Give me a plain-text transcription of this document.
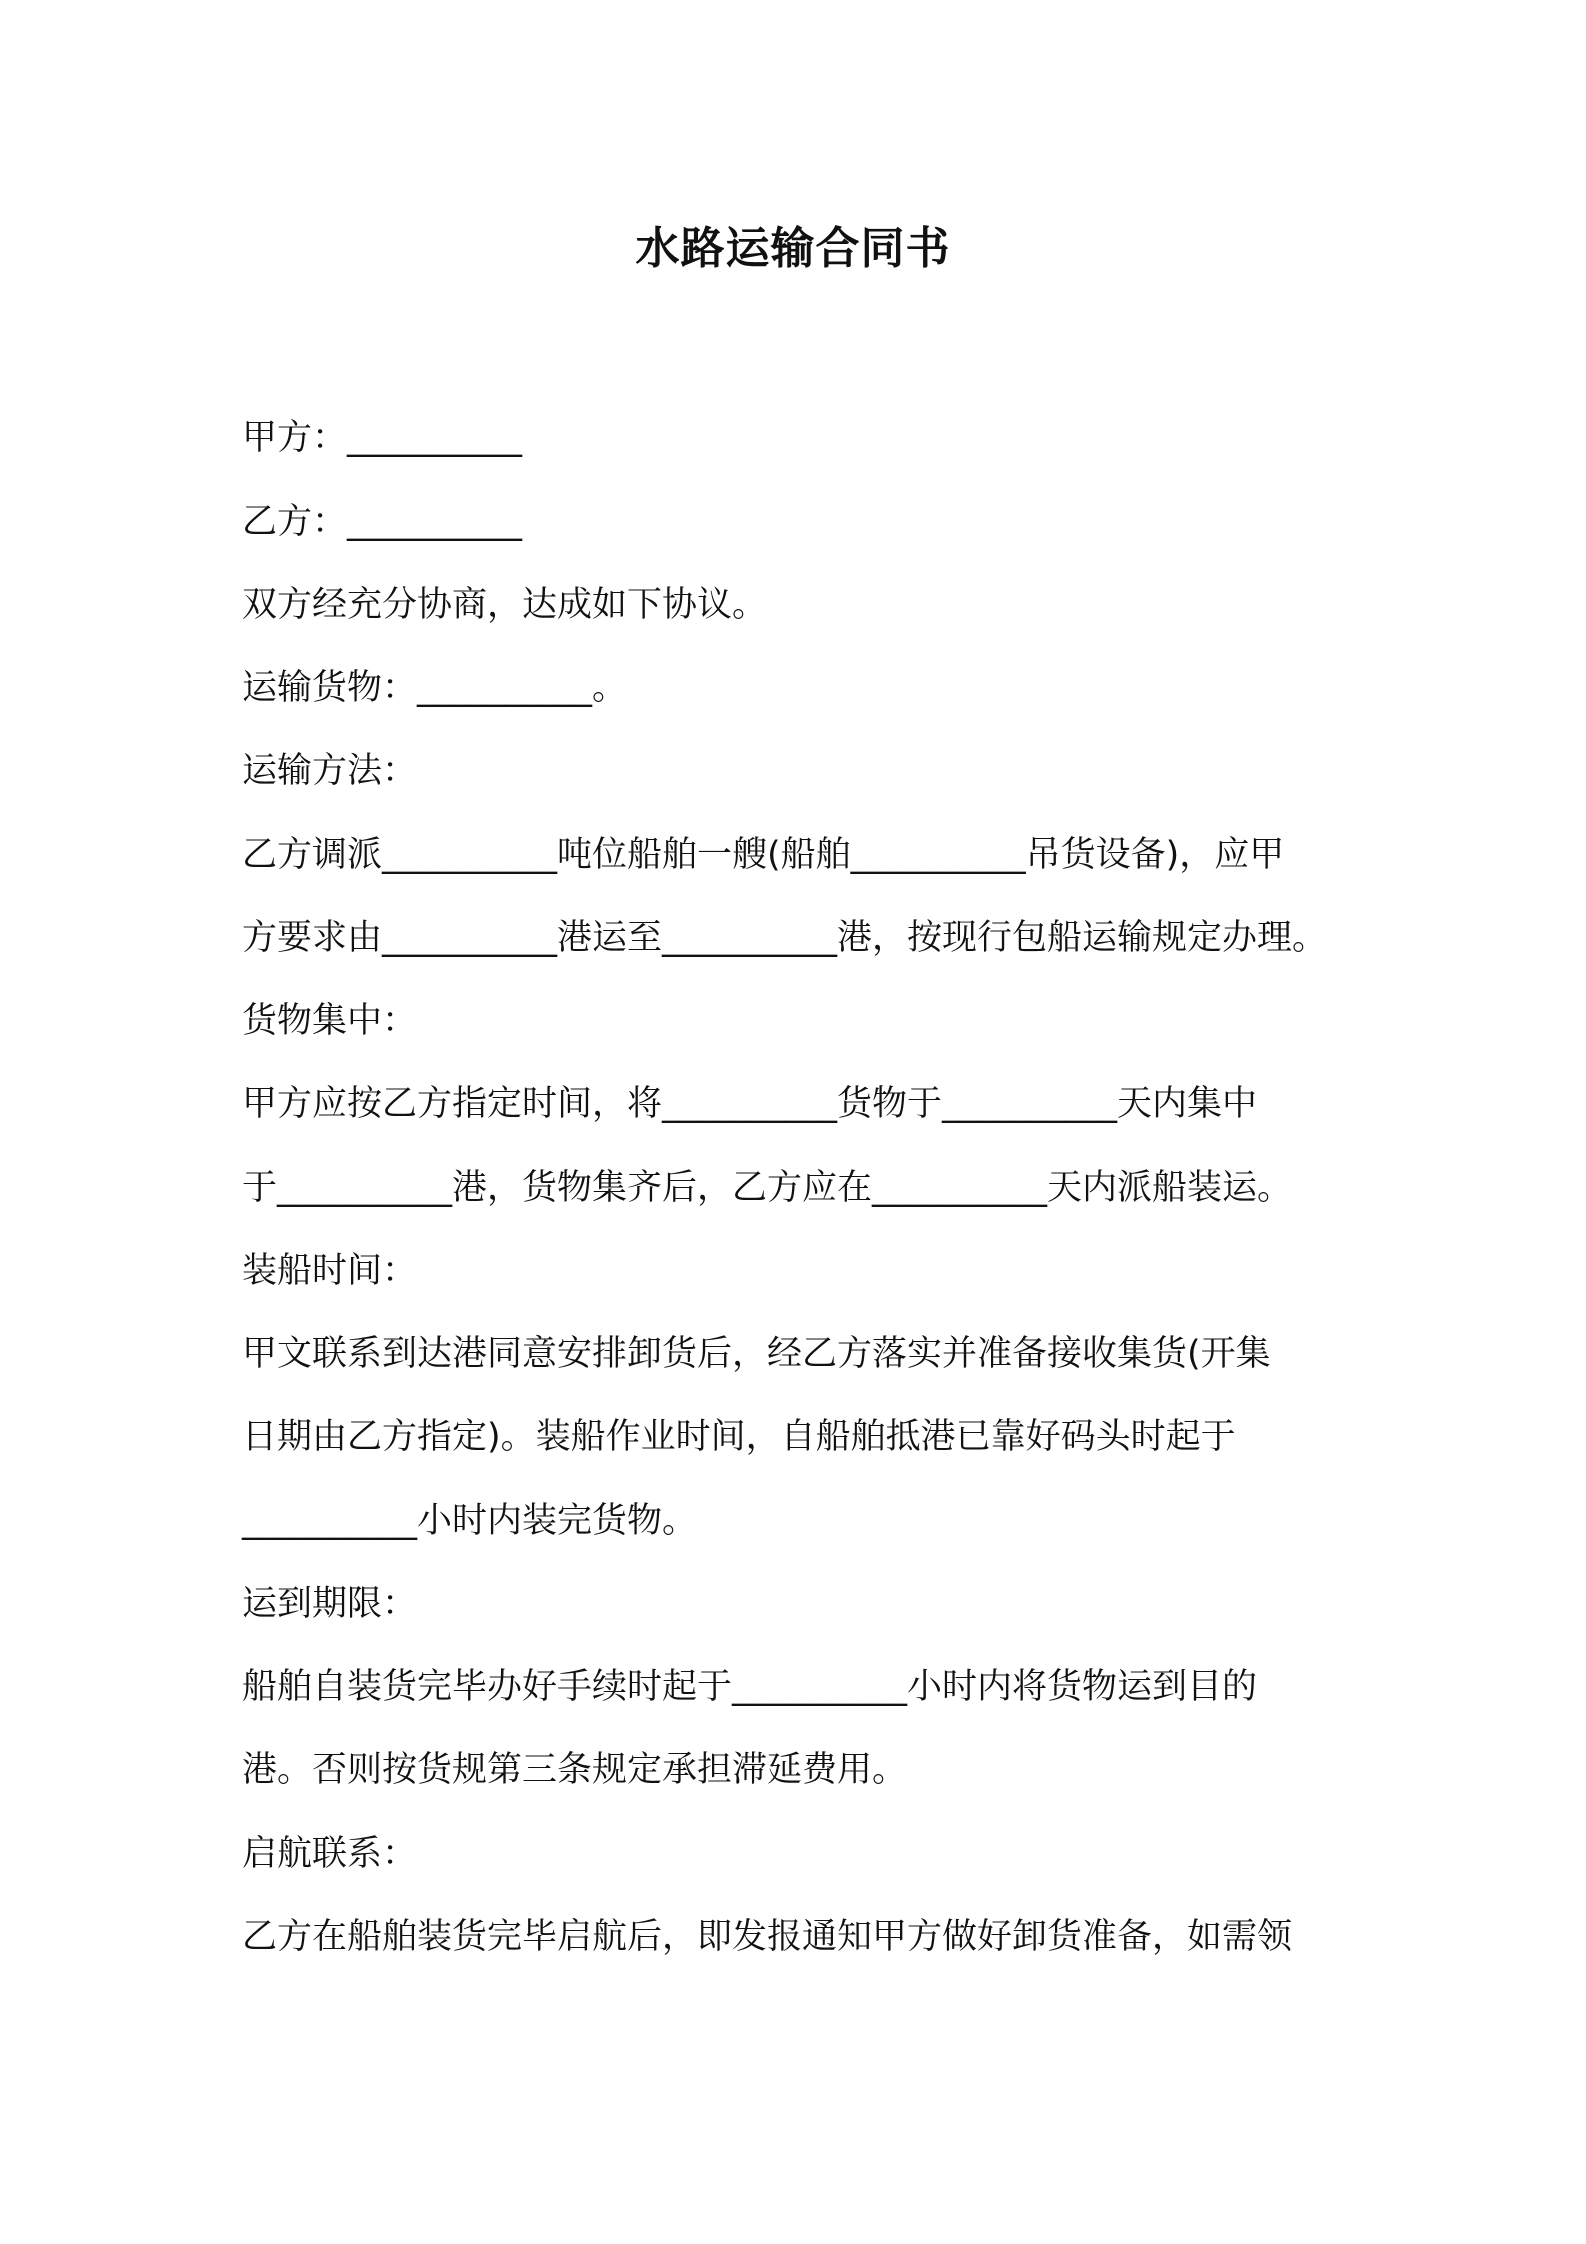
水路运输合同书
甲方：__________
乙方：__________
双方经充分协商，达成如下协议。
运输货物：__________。
运输方法：
乙方调派__________吨位船舶一艘(船舶__________吊货设备)，应甲
方要求由__________港运至__________港，按现行包船运输规定办理。
货物集中：
甲方应按乙方指定时间，将__________货物于__________天内集中
于__________港，货物集齐后，乙方应在__________天内派船装运。
装船时间：
甲文联系到达港同意安排卸货后，经乙方落实并准备接收集货(开集
日期由乙方指定)。装船作业时间，自船舶抵港已靠好码头时起于
__________小时内装完货物。
运到期限：
船舶自装货完毕办好手续时起于__________小时内将货物运到目的
港。否则按货规第三条规定承担滞延费用。
启航联系：
乙方在船舶装货完毕启航后，即发报通知甲方做好卸货准备，如需领
